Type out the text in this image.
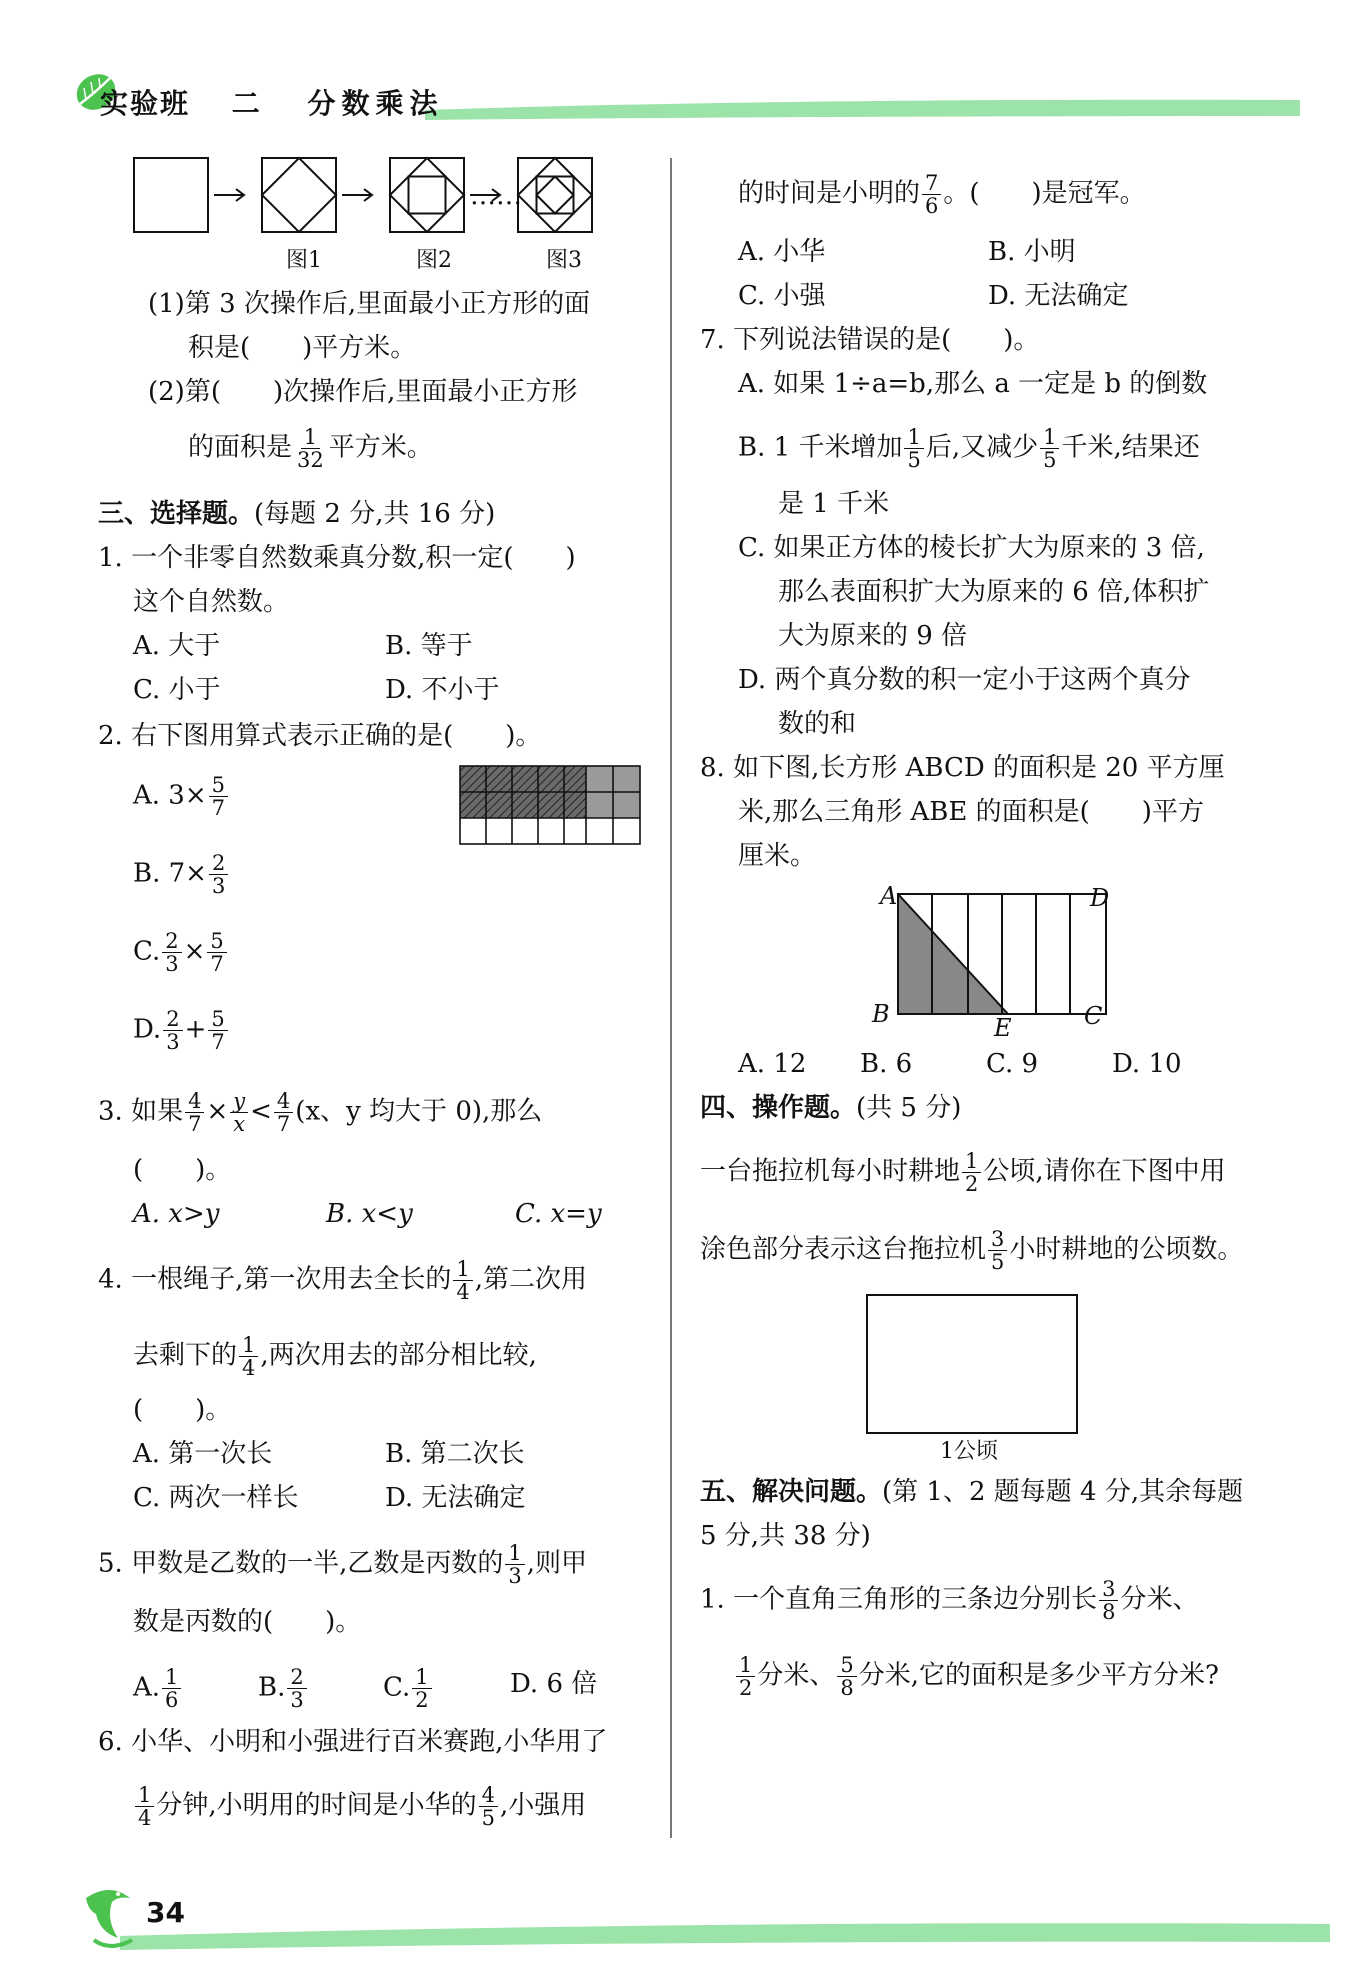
实验班 二 分数乘法
……
图1	图2	图3
(1)第 3 次操作后,里面最小正方形的面
积是(　　)平方米。
(2)第(　　)次操作后,里面最小正方形
的面积是 $\frac{1}{32}$ 平方米。
三、选择题。(每题 2 分,共 16 分)
1. 一个非零自然数乘真分数,积一定(　　)
这个自然数。
A. 大于	B. 等于
C. 小于	D. 不小于
2. 右下图用算式表示正确的是(　　)。
A. $3\times \frac{5}{7}$
B. $7\times \frac{2}{3}$
C. $\frac{2}{3} \times \frac{5}{7}$
D. $\frac{2}{3} + \frac{5}{7}$
3. 如果 $\frac{4}{7} \times \frac{y}{x} < \frac{4}{7} (x$、y 均大于 0),那么
(　　)。
A. x>y	B. x<y	C. x=y
4. 一根绳子,第一次用去全长的 $\frac{1}{4}$ ,第二次用
去剩下的 $\frac{1}{4}$ ,两次用去的部分相比较,
(　　)。
A. 第一次长	B. 第二次长
C. 两次一样长	D. 无法确定
5. 甲数是乙数的一半,乙数是丙数的 $\frac{1}{3}$ ,则甲
数是丙数的(　　)。
A. $\frac{1}{6}$	B. $\frac{2}{3}$	C. $\frac{1}{2}$	D. 6 倍
6. 小华、小明和小强进行百米赛跑,小华用了
$\frac{1}{4}$ 分钟,小明用的时间是小华的 $\frac{4}{5}$ ,小强用
的时间是小明的 $\frac{7}{6}$ 。(　　)是冠军。
A. 小华	B. 小明
C. 小强	D. 无法确定
7. 下列说法错误的是(　　)。
A. 如果 1÷a=b,那么 a 一定是 b 的倒数
B. 1 千米增加 $\frac{1}{5}$ 后,又减少 $\frac{1}{5}$ 千米,结果还
是 1 千米
C. 如果正方体的棱长扩大为原来的 3 倍,
那么表面积扩大为原来的 6 倍,体积扩
大为原来的 9 倍
D. 两个真分数的积一定小于这两个真分
数的和
8. 如下图,长方形 ABCD 的面积是 20 平方厘
米,那么三角形 ABE 的面积是(　　)平方
厘米。
A	D
B	E	C
A. 12 B. 6	C. 9	D. 10
四、操作题。(共 5 分)
一台拖拉机每小时耕地 $\frac{1}{2}$ 公顷,请你在下图中用
涂色部分表示这台拖拉机 $\frac{3}{5}$ 小时耕地的公顷数。
1公顷
五、解决问题。(第 1、2 题每题 4 分,其余每题
5 分,共 38 分)
1. 一个直角三角形的三条边分别长 $\frac{3}{8}$ 分米、
$\frac{1}{2}$ 分米、 $\frac{5}{8}$ 分米,它的面积是多少平方分米?
34
